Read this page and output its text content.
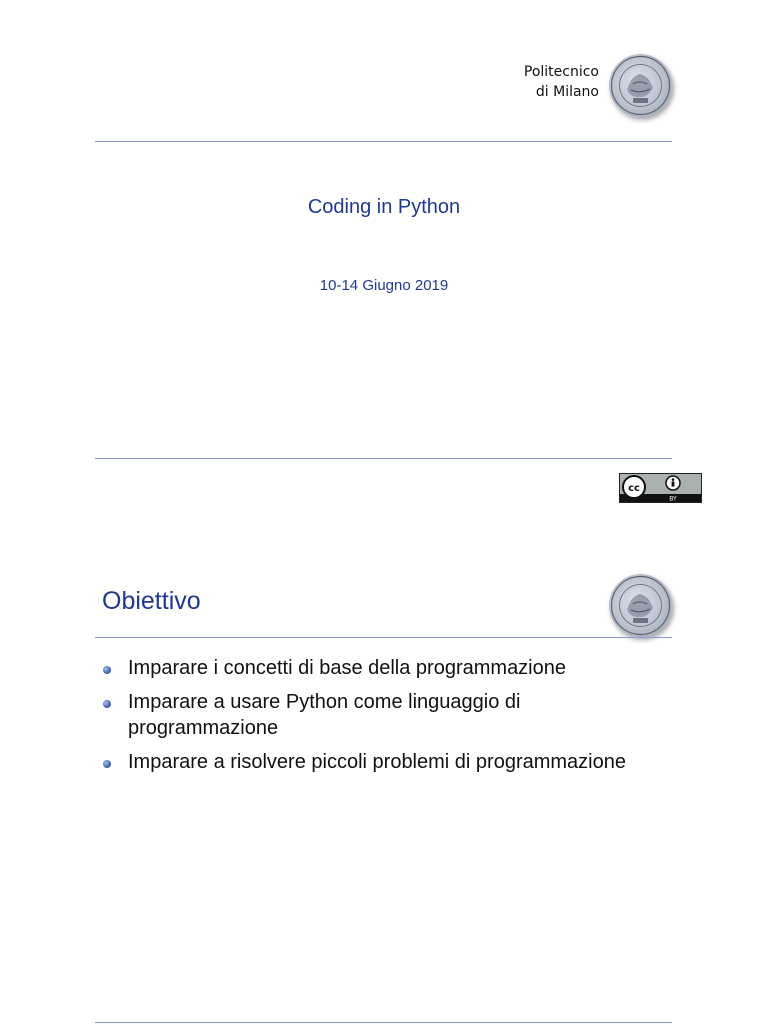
Politecnico
di Milano
Coding in Python
10-14 Giugno 2019
cc
BY
Obiettivo
Imparare i concetti di base della programmazione
Imparare a usare Python come linguaggio di programmazione
Imparare a risolvere piccoli problemi di programmazione
